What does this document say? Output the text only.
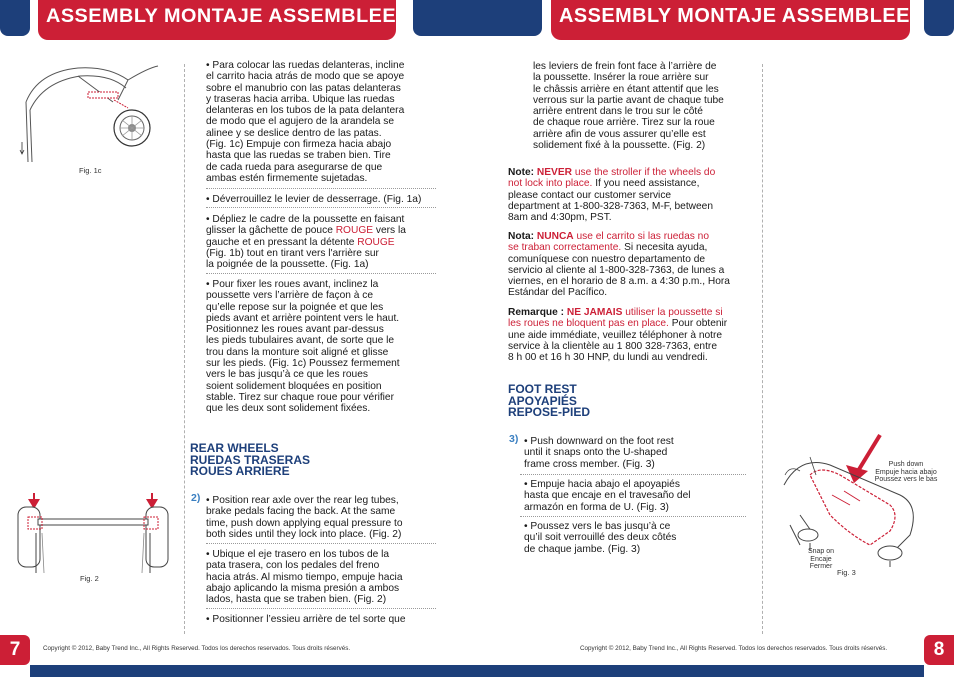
ASSEMBLY MONTAJE ASSEMBLEE	ASSEMBLY MONTAJE ASSEMBLEE
Fig. 1c
Fig. 2
• Para colocar las ruedas delanteras, incline
el carrito hacia atrás de modo que se apoye
sobre el manubrio con las patas delanteras
y traseras hacia arriba. Ubique las ruedas
delanteras en los tubos de la pata delantera
de modo que el agujero de la arandela se
alinee y se deslice dentro de las patas.
(Fig. 1c) Empuje con firmeza hacia abajo
hasta que las ruedas se traben bien. Tire
de cada rueda para asegurarse de que
ambas estén firmemente sujetadas.
• Déverrouillez le levier de desserrage. (Fig. 1a)
• Dépliez le cadre de la poussette en faisant
glisser la gâchette de pouce ROUGE vers la
gauche et en pressant la détente ROUGE
(Fig. 1b) tout en tirant vers l'arrière sur
la poignée de la poussette. (Fig. 1a)
• Pour fixer les roues avant, inclinez la
poussette vers l’arrière de façon à ce
qu’elle repose sur la poignée et que les
pieds avant et arrière pointent vers le haut.
Positionnez les roues avant par-dessus
les pieds tubulaires avant, de sorte que le
trou dans la monture soit aligné et glisse
sur les pieds. (Fig. 1c) Poussez fermement
vers le bas jusqu’à ce que les roues
soient solidement bloquées en position
stable. Tirez sur chaque roue pour vérifier
que les deux sont solidement fixées.
REAR WHEELS
RUEDAS TRASERAS
ROUES ARRIERE
2) • Position rear axle over the rear leg tubes,
brake pedals facing the back. At the same
time, push down applying equal pressure to
both sides until they lock into place. (Fig. 2)
• Ubique el eje trasero en los tubos de la
pata trasera, con los pedales del freno
hacia atrás. Al mismo tiempo, empuje hacia
abajo aplicando la misma presión a ambos
lados, hasta que se traben bien. (Fig. 2)
• Positionner l’essieu arrière de tel sorte que
les leviers de frein font face à l’arrière de
la poussette. Insérer la roue arrière sur
le châssis arrière en étant attentif que les
verrous sur la partie avant de chaque tube
arrière entrent dans le trou sur le côté
de chaque roue arrière. Tirez sur la roue
arrière afin de vous assurer qu’elle est
solidement fixé à la poussette. (Fig. 2)
Note: NEVER use the stroller if the wheels do
not lock into place. If you need assistance,
please contact our customer service
department at 1-800-328-7363, M-F, between
8am and 4:30pm, PST.
Nota: NUNCA use el carrito si las ruedas no
se traban correctamente. Si necesita ayuda,
comuníquese con nuestro departamento de
servicio al cliente al 1-800-328-7363, de lunes a
viernes, en el horario de 8 a.m. a 4:30 p.m., Hora
Estándar del Pacífico.
Remarque : NE JAMAIS utiliser la poussette si
les roues ne bloquent pas en place. Pour obtenir
une aide immédiate, veuillez téléphoner à notre
service à la clientèle au 1 800 328-7363, entre
8 h 00 et 16 h 30 HNP, du lundi au vendredi.
FOOT REST
APOYAPIÉS
REPOSE-PIED
3) • Push downward on the foot rest
until it snaps onto the U-shaped
frame cross member. (Fig. 3)
• Empuje hacia abajo el apoyapiés
hasta que encaje en el travesaño del
armazón en forma de U. (Fig. 3)
• Poussez vers le bas jusqu’à ce
qu’il soit verrouillé des deux côtés
de chaque jambe. (Fig. 3)
Push down
Empuje hacia abajo
Poussez vers le bas
Snap on
Encaje
Fermer
Fig. 3
7	Copyright © 2012, Baby Trend Inc., All Rights Reserved. Todos los derechos reservados. Tous droits réservés.	8
Copyright © 2012, Baby Trend Inc., All Rights Reserved. Todos los derechos reservados. Tous droits réservés.
